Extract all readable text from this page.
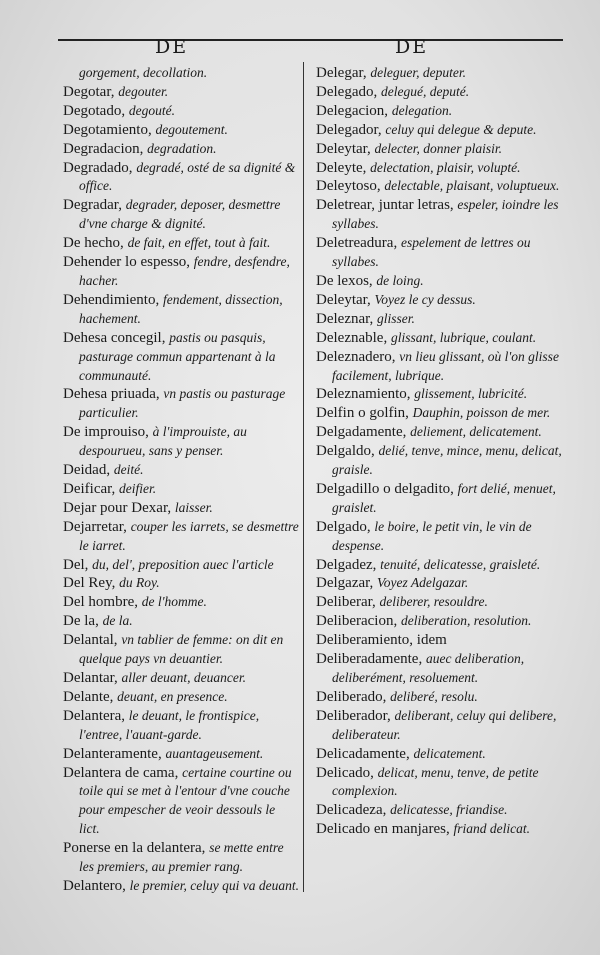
DE	DE

gorgement, decollation.

Degotar, degouter.

Degotado, degouté.

Degotamiento, degoutement.

Degradacion, degradation.

Degradado, degradé, osté de sa dignité & office.

Degradar, degrader, deposer, desmettre d'vne charge & dignité.

De hecho, de fait, en effet, tout à fait.

Dehender lo espesso, fendre, desfendre, hacher.

Dehendimiento, fendement, dissection, hachement.

Dehesa concegil, pastis ou pasquis, pasturage commun appartenant à la communauté.

Dehesa priuada, vn pastis ou pasturage particulier.

De improuiso, à l'improuiste, au despourueu, sans y penser.

Deidad, deité.

Deificar, deifier.

Dejar pour Dexar, laisser.

Dejarretar, couper les iarrets, se desmettre le iarret.

Del, du, del', preposition auec l'article

Del Rey, du Roy.

Del hombre, de l'homme.

De la, de la.

Delantal, vn tablier de femme: on dit en quelque pays vn deuantier.

Delantar, aller deuant, deuancer.

Delante, deuant, en presence.

Delantera, le deuant, le frontispice, l'entree, l'auant-garde.

Delanteramente, auantageusement.

Delantera de cama, certaine courtine ou toile qui se met à l'entour d'vne couche pour empescher de veoir dessouls le lict.

Ponerse en la delantera, se mette entre les premiers, au premier rang.

Delantero, le premier, celuy qui va deuant.

Delegar, deleguer, deputer.

Delegado, delegué, deputé.

Delegacion, delegation.

Delegador, celuy qui delegue & depute.

Deleytar, delecter, donner plaisir.

Deleyte, delectation, plaisir, volupté.

Deleytoso, delectable, plaisant, voluptueux.

Deletrear, juntar letras, espeler, ioindre les syllabes.

Deletreadura, espelement de lettres ou syllabes.

De lexos, de loing.

Deleytar, Voyez le cy dessus.

Deleznar, glisser.

Deleznable, glissant, lubrique, coulant.

Deleznadero, vn lieu glissant, où l'on glisse facilement, lubrique.

Deleznamiento, glissement, lubricité.

Delfin o golfin, Dauphin, poisson de mer.

Delgadamente, deliement, delicatement.

Delgaldo, delié, tenve, mince, menu, delicat, graisle.

Delgadillo o delgadito, fort delié, menuet, graislet.

Delgado, le boire, le petit vin, le vin de despense.

Delgadez, tenuité, delicatesse, graisleté.

Delgazar, Voyez Adelgazar.

Deliberar, deliberer, resouldre.

Deliberacion, deliberation, resolution.

Deliberamiento, idem

Deliberadamente, auec deliberation, deliberément, resoluement.

Deliberado, deliberé, resolu.

Deliberador, deliberant, celuy qui delibere, deliberateur.

Delicadamente, delicatement.

Delicado, delicat, menu, tenve, de petite complexion.

Delicadeza, delicatesse, friandise.

Delicado en manjares, friand delicat.
